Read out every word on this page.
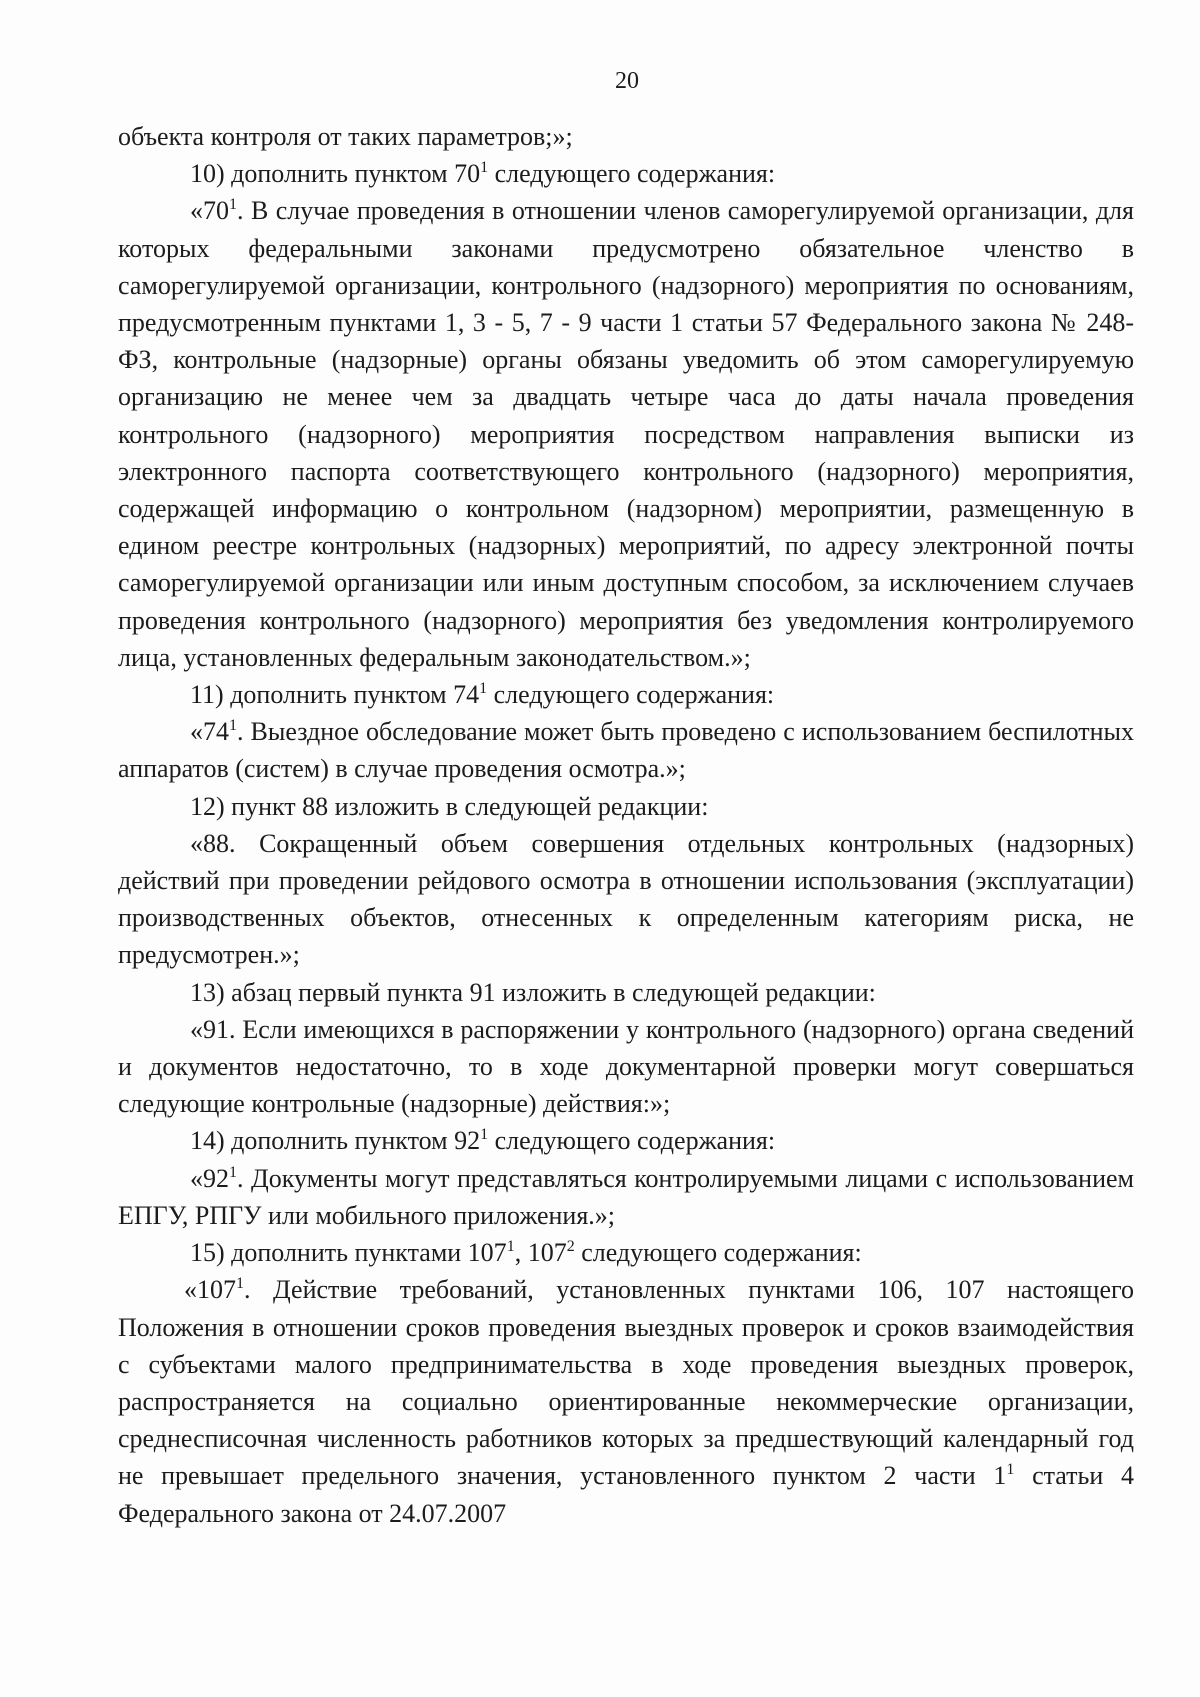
20

объекта контроля от таких параметров;»;

10) дополнить пунктом $70^1$ следующего содержания:

«$70^1$. В случае проведения в отношении членов саморегулируемой организации, для которых федеральными законами предусмотрено обязательное членство в саморегулируемой организации, контрольного (надзорного) мероприятия по основаниям, предусмотренным пунктами 1, 3 - 5, 7 - 9 части 1 статьи 57 Федерального закона № 248-ФЗ, контрольные (надзорные) органы обязаны уведомить об этом саморегулируемую организацию не менее чем за двадцать четыре часа до даты начала проведения контрольного (надзорного) мероприятия посредством направления выписки из электронного паспорта соответствующего контрольного (надзорного) мероприятия, содержащей информацию о контрольном (надзорном) мероприятии, размещенную в едином реестре контрольных (надзорных) мероприятий, по адресу электронной почты саморегулируемой организации или иным доступным способом, за исключением случаев проведения контрольного (надзорного) мероприятия без уведомления контролируемого лица, установленных федеральным законодательством.»;

11) дополнить пунктом $74^1$ следующего содержания:

«$74^1$. Выездное обследование может быть проведено с использованием беспилотных аппаратов (систем) в случае проведения осмотра.»;

12) пункт 88 изложить в следующей редакции:

«88. Сокращенный объем совершения отдельных контрольных (надзорных) действий при проведении рейдового осмотра в отношении использования (эксплуатации) производственных объектов, отнесенных к определенным категориям риска, не предусмотрен.»;

13) абзац первый пункта 91 изложить в следующей редакции:

«91. Если имеющихся в распоряжении у контрольного (надзорного) органа сведений и документов недостаточно, то в ходе документарной проверки могут совершаться следующие контрольные (надзорные) действия:»;

14) дополнить пунктом $92^1$ следующего содержания:

«$92^1$. Документы могут представляться контролируемыми лицами с использованием ЕПГУ, РПГУ или мобильного приложения.»;

15) дополнить пунктами $107^1$, $107^2$ следующего содержания:

«$107^1$. Действие требований, установленных пунктами 106, 107 настоящего Положения в отношении сроков проведения выездных проверок и сроков взаимодействия с субъектами малого предпринимательства в ходе проведения выездных проверок, распространяется на социально ориентированные некоммерческие организации, среднесписочная численность работников которых за предшествующий календарный год не превышает предельного значения, установленного пунктом 2 части $1^1$ статьи 4 Федерального закона от 24.07.2007
